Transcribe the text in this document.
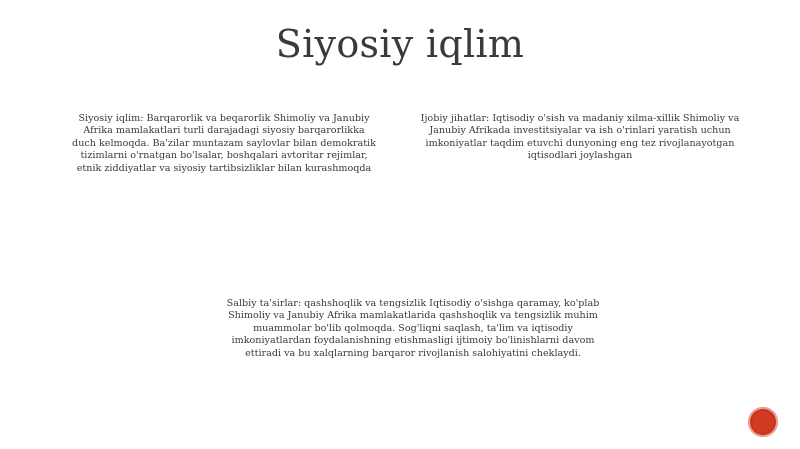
Siyosiy iqlim

Siyosiy iqlim: Barqarorlik va beqarorlik Shimoliy va Janubiy Afrika mamlakatlari turli darajadagi siyosiy barqarorlikka duch kelmoqda. Ba'zilar muntazam saylovlar bilan demokratik tizimlarni o'rnatgan bo'lsalar, boshqalari avtoritar rejimlar, etnik ziddiyatlar va siyosiy tartibsizliklar bilan kurashmoqda

Ijobiy jihatlar: Iqtisodiy o'sish va madaniy xilma-xillik Shimoliy va Janubiy Afrikada investitsiyalar va ish o'rinlari yaratish uchun imkoniyatlar taqdim etuvchi dunyoning eng tez rivojlanayotgan iqtisodlari joylashgan

Salbiy ta'sirlar: qashshoqlik va tengsizlik Iqtisodiy o'sishga qaramay, ko'plab Shimoliy va Janubiy Afrika mamlakatlarida qashshoqlik va tengsizlik muhim muammolar bo'lib qolmoqda. Sog'liqni saqlash, ta'lim va iqtisodiy imkoniyatlardan foydalanishning etishmasligi ijtimoiy bo'linishlarni davom ettiradi va bu xalqlarning barqaror rivojlanish salohiyatini cheklaydi.
